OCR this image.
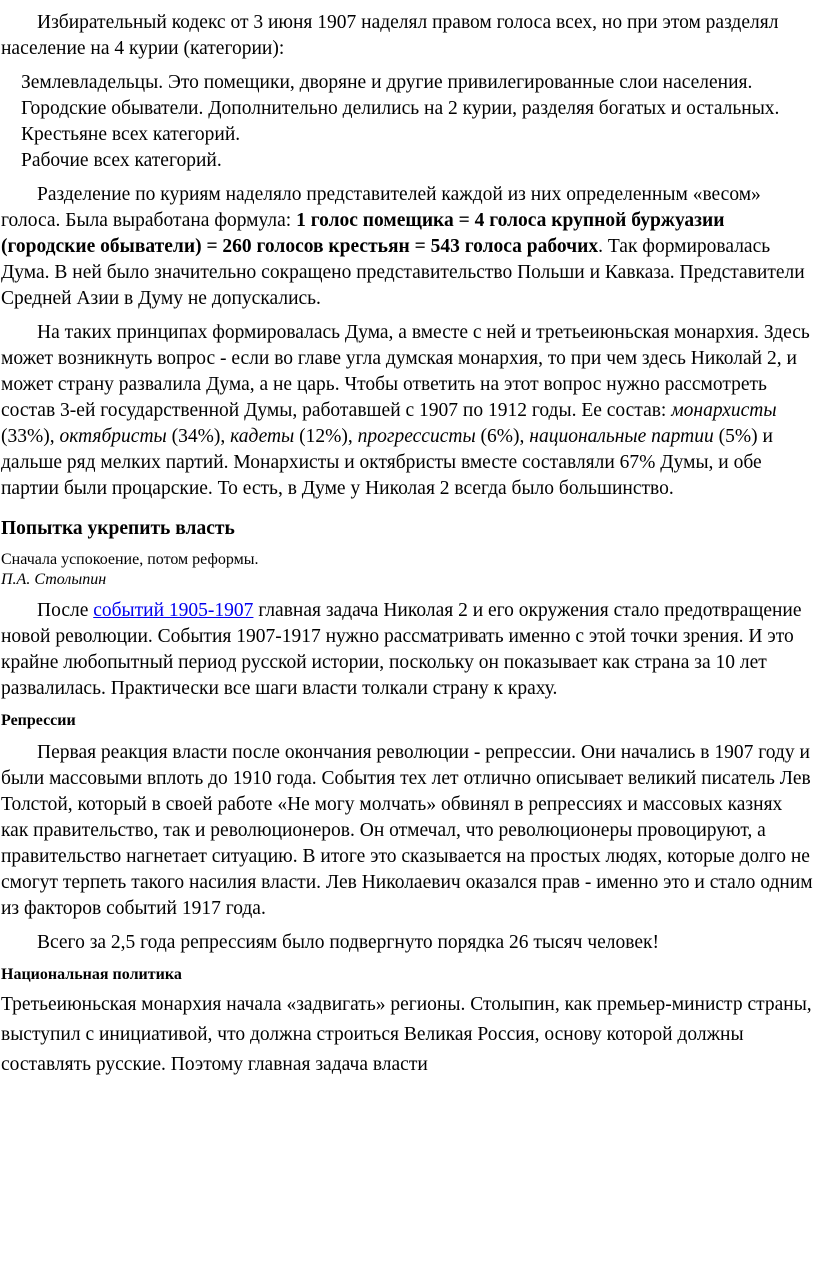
Избирательный кодекс от 3 июня 1907 наделял правом голоса всех, но при этом разделял население на 4 курии (категории):

Землевладельцы. Это помещики, дворяне и другие привилегированные слои населения.
Городские обыватели. Дополнительно делились на 2 курии, разделяя богатых и остальных.
Крестьяне всех категорий.
Рабочие всех категорий.

Разделение по куриям наделяло представителей каждой из них определенным «весом» голоса. Была выработана формула: 1 голос помещика = 4 голоса крупной буржуазии (городские обыватели) = 260 голосов крестьян = 543 голоса рабочих. Так формировалась Дума. В ней было значительно сокращено представительство Польши и Кавказа. Представители Средней Азии в Думу не допускались.

На таких принципах формировалась Дума, а вместе с ней и третьеиюньская монархия. Здесь может возникнуть вопрос - если во главе угла думская монархия, то при чем здесь Николай 2, и может страну развалила Дума, а не царь. Чтобы ответить на этот вопрос нужно рассмотреть состав 3-ей государственной Думы, работавшей с 1907 по 1912 годы. Ее состав: монархисты (33%), октябристы (34%), кадеты (12%), прогрессисты (6%), национальные партии (5%) и дальше ряд мелких партий. Монархисты и октябристы вместе составляли 67% Думы, и обе партии были процарские. То есть, в Думе у Николая 2 всегда было большинство.

Попытка укрепить власть

Сначала успокоение, потом реформы.

П.А. Столыпин

После событий 1905-1907 главная задача Николая 2 и его окружения стало предотвращение новой революции. События 1907-1917 нужно рассматривать именно с этой точки зрения. И это крайне любопытный период русской истории, поскольку он показывает как страна за 10 лет развалилась. Практически все шаги власти толкали страну к краху.

Репрессии

Первая реакция власти после окончания революции - репрессии. Они начались в 1907 году и были массовыми вплоть до 1910 года. События тех лет отлично описывает великий писатель Лев Толстой, который в своей работе «Не могу молчать» обвинял в репрессиях и массовых казнях как правительство, так и революционеров. Он отмечал, что революционеры провоцируют, а правительство нагнетает ситуацию. В итоге это сказывается на простых людях, которые долго не смогут терпеть такого насилия власти. Лев Николаевич оказался прав - именно это и стало одним из факторов событий 1917 года.

Всего за 2,5 года репрессиям было подвергнуто порядка 26 тысяч человек!

Национальная политика

Третьеиюньская монархия начала «задвигать» регионы. Столыпин, как премьер-министр страны, выступил с инициативой, что должна строиться Великая Россия, основу которой должны составлять русские. Поэтому главная задача власти
